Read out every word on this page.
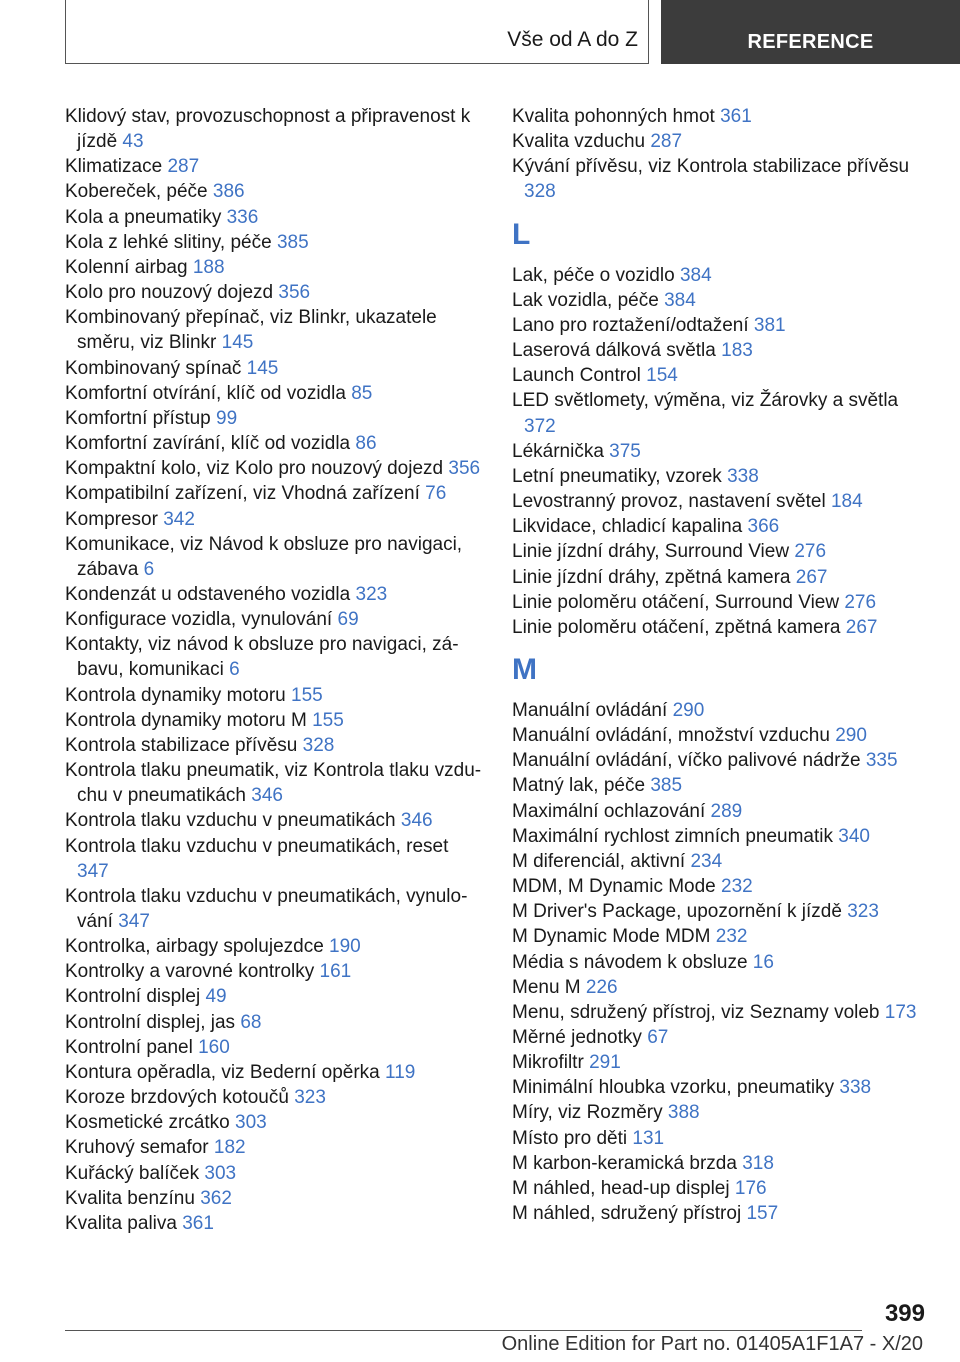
Vše od A do Z	REFERENCE
Klidový stav, provozuschopnost a připravenost k jízdě 43
Klimatizace 287
Kobereček, péče 386
Kola a pneumatiky 336
Kola z lehké slitiny, péče 385
Kolenní airbag 188
Kolo pro nouzový dojezd 356
Kombinovaný přepínač, viz Blinkr, ukazatele směru, viz Blinkr 145
Kombinovaný spínač 145
Komfortní otvírání, klíč od vozidla 85
Komfortní přístup 99
Komfortní zavírání, klíč od vozidla 86
Kompaktní kolo, viz Kolo pro nouzový dojezd 356
Kompatibilní zařízení, viz Vhodná zařízení 76
Kompresor 342
Komunikace, viz Návod k obsluze pro navigaci, zábava 6
Kondenzát u odstaveného vozidla 323
Konfigurace vozidla, vynulování 69
Kontakty, viz návod k obsluze pro navigaci, zábavu, komunikaci 6
Kontrola dynamiky motoru 155
Kontrola dynamiky motoru M 155
Kontrola stabilizace přívěsu 328
Kontrola tlaku pneumatik, viz Kontrola tlaku vzduchu v pneumatikách 346
Kontrola tlaku vzduchu v pneumatikách 346
Kontrola tlaku vzduchu v pneumatikách, reset 347
Kontrola tlaku vzduchu v pneumatikách, vynulování 347
Kontrolka, airbagy spolujezdce 190
Kontrolky a varovné kontrolky 161
Kontrolní displej 49
Kontrolní displej, jas 68
Kontrolní panel 160
Kontura opěradla, viz Bederní opěrka 119
Koroze brzdových kotoučů 323
Kosmetické zrcátko 303
Kruhový semafor 182
Kuřácký balíček 303
Kvalita benzínu 362
Kvalita paliva 361
Kvalita pohonných hmot 361
Kvalita vzduchu 287
Kývání přívěsu, viz Kontrola stabilizace přívěsu 328
L
Lak, péče o vozidlo 384
Lak vozidla, péče 384
Lano pro roztažení/odtažení 381
Laserová dálková světla 183
Launch Control 154
LED světlomety, výměna, viz Žárovky a světla 372
Lékárnička 375
Letní pneumatiky, vzorek 338
Levostranný provoz, nastavení světel 184
Likvidace, chladicí kapalina 366
Linie jízdní dráhy, Surround View 276
Linie jízdní dráhy, zpětná kamera 267
Linie poloměru otáčení, Surround View 276
Linie poloměru otáčení, zpětná kamera 267
M
Manuální ovládání 290
Manuální ovládání, množství vzduchu 290
Manuální ovládání, víčko palivové nádrže 335
Matný lak, péče 385
Maximální ochlazování 289
Maximální rychlost zimních pneumatik 340
M diferenciál, aktivní 234
MDM, M Dynamic Mode 232
M Driver's Package, upozornění k jízdě 323
M Dynamic Mode MDM 232
Média s návodem k obsluze 16
Menu M 226
Menu, sdružený přístroj, viz Seznamy voleb 173
Měrné jednotky 67
Mikrofiltr 291
Minimální hloubka vzorku, pneumatiky 338
Míry, viz Rozměry 388
Místo pro děti 131
M karbon-keramická brzda 318
M náhled, head-up displej 176
M náhled, sdružený přístroj 157
399
Online Edition for Part no. 01405A1F1A7 - X/20
